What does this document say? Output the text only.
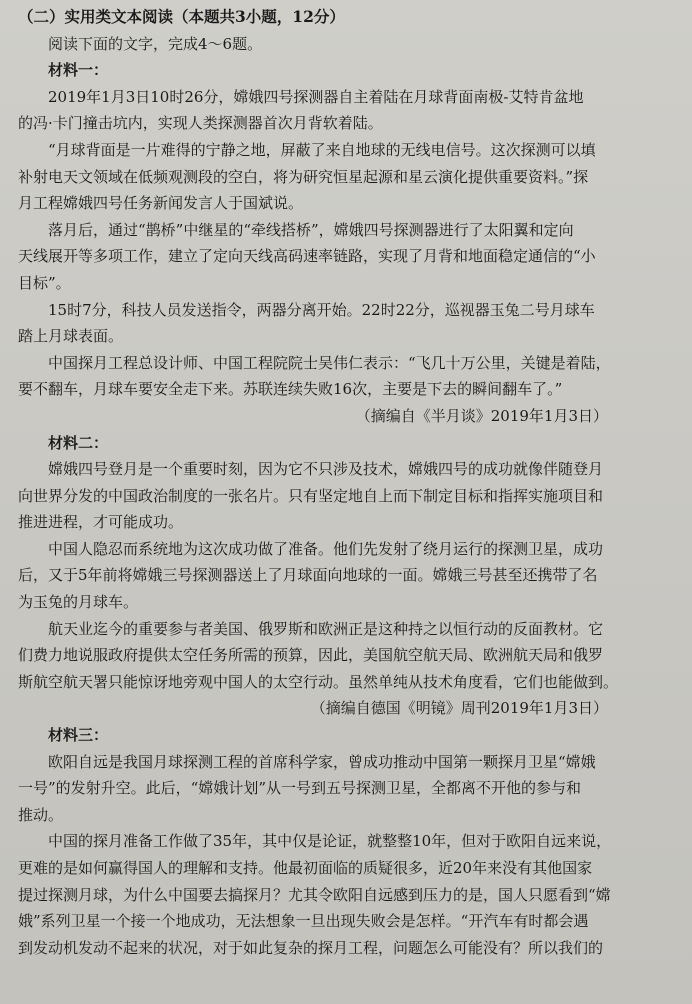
（二）实用类文本阅读（本题共3小题，12分）
阅读下面的文字，完成4～6题。
材料一：
2019年1月3日10时26分，嫦娥四号探测器自主着陆在月球背面南极-艾特肯盆地
的冯·卡门撞击坑内，实现人类探测器首次月背软着陆。
“月球背面是一片难得的宁静之地，屏蔽了来自地球的无线电信号。这次探测可以填
补射电天文领域在低频观测段的空白，将为研究恒星起源和星云演化提供重要资料。”探
月工程嫦娥四号任务新闻发言人于国斌说。
落月后，通过“鹊桥”中继星的“牵线搭桥”，嫦娥四号探测器进行了太阳翼和定向
天线展开等多项工作，建立了定向天线高码速率链路，实现了月背和地面稳定通信的“小
目标”。
15时7分，科技人员发送指令，两器分离开始。22时22分，巡视器玉兔二号月球车
踏上月球表面。
中国探月工程总设计师、中国工程院院士吴伟仁表示：“飞几十万公里，关键是着陆，
要不翻车，月球车要安全走下来。苏联连续失败16次，主要是下去的瞬间翻车了。”
（摘编自《半月谈》2019年1月3日）
材料二：
嫦娥四号登月是一个重要时刻，因为它不只涉及技术，嫦娥四号的成功就像伴随登月
向世界分发的中国政治制度的一张名片。只有坚定地自上而下制定目标和指挥实施项目和
推进进程，才可能成功。
中国人隐忍而系统地为这次成功做了准备。他们先发射了绕月运行的探测卫星，成功
后，又于5年前将嫦娥三号探测器送上了月球面向地球的一面。嫦娥三号甚至还携带了名
为玉兔的月球车。
航天业迄今的重要参与者美国、俄罗斯和欧洲正是这种持之以恒行动的反面教材。它
们费力地说服政府提供太空任务所需的预算，因此，美国航空航天局、欧洲航天局和俄罗
斯航空航天署只能惊讶地旁观中国人的太空行动。虽然单纯从技术角度看，它们也能做到。
（摘编自德国《明镜》周刊2019年1月3日）
材料三：
欧阳自远是我国月球探测工程的首席科学家，曾成功推动中国第一颗探月卫星“嫦娥
一号”的发射升空。此后，“嫦娥计划”从一号到五号探测卫星，全都离不开他的参与和
推动。
中国的探月准备工作做了35年，其中仅是论证，就整整10年，但对于欧阳自远来说，
更难的是如何赢得国人的理解和支持。他最初面临的质疑很多，近20年来没有其他国家
提过探测月球，为什么中国要去搞探月？尤其令欧阳自远感到压力的是，国人只愿看到“嫦
娥”系列卫星一个接一个地成功，无法想象一旦出现失败会是怎样。“开汽车有时都会遇
到发动机发动不起来的状况，对于如此复杂的探月工程，问题怎么可能没有？所以我们的
